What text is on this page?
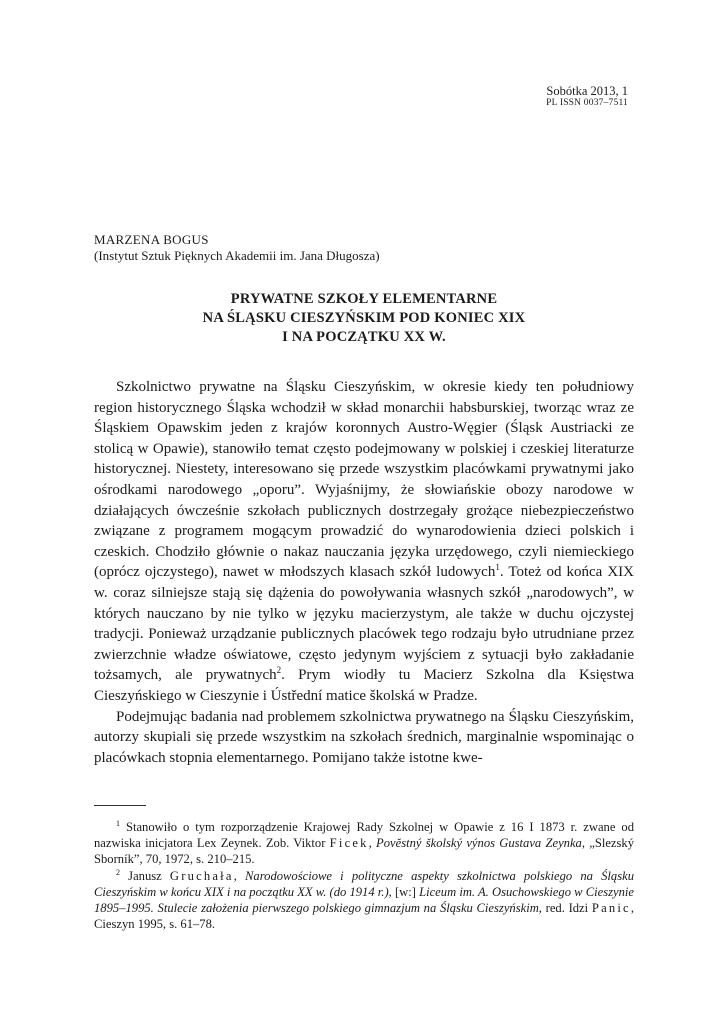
Sobótka 2013, 1
PL ISSN 0037–7511
MARZENA BOGUS
(Instytut Sztuk Pięknych Akademii im. Jana Długosza)
PRYWATNE SZKOŁY ELEMENTARNE
NA ŚLĄSKU CIESZYŃSKIM POD KONIEC XIX
I NA POCZĄTKU XX W.

Szkolnictwo prywatne na Śląsku Cieszyńskim, w okresie kiedy ten południowy region historycznego Śląska wchodził w skład monarchii habsburskiej, tworząc wraz ze Śląskiem Opawskim jeden z krajów koronnych Austro-Węgier (Śląsk Austriacki ze stolicą w Opawie), stanowiło temat często podejmowany w polskiej i czeskiej literaturze historycznej. Niestety, interesowano się przede wszystkim placówkami prywatnymi jako ośrodkami narodowego „oporu”. Wyjaśnijmy, że słowiańskie obozy narodowe w działających ówcześnie szkołach publicznych dostrzegały grożące niebezpieczeństwo związane z programem mogącym prowadzić do wynarodowienia dzieci polskich i czeskich. Chodziło głównie o nakaz nauczania języka urzędowego, czyli niemieckiego (oprócz ojczystego), nawet w młodszych klasach szkół ludowych$^1$. Toteż od końca XIX w. coraz silniejsze stają się dążenia do powoływania własnych szkół „narodowych”, w których nauczano by nie tylko w języku macierzystym, ale także w duchu ojczystej tradycji. Ponieważ urządzanie publicznych placówek tego rodzaju było utrudniane przez zwierzchnie władze oświatowe, często jedynym wyjściem z sytuacji było zakładanie tożsamych, ale prywatnych$^2$. Prym wiodły tu Macierz Szkolna dla Księstwa Cieszyńskiego w Cieszynie i Ústřední matice školská w Pradze.

Podejmując badania nad problemem szkolnictwa prywatnego na Śląsku Cieszyńskim, autorzy skupiali się przede wszystkim na szkołach średnich, marginalnie wspominając o placówkach stopnia elementarnego. Pomijano także istotne kwe-

$^1$ Stanowiło o tym rozporządzenie Krajowej Rady Szkolnej w Opawie z 16 I 1873 r. zwane od nazwiska inicjatora Lex Zeynek. Zob. Viktor Ficek, Povĕstný školský výnos Gustava Zeynka, „Slezský Sborník”, 70, 1972, s. 210–215.

$^2$ Janusz Gruchała, Narodowościowe i polityczne aspekty szkolnictwa polskiego na Śląsku Cieszyńskim w końcu XIX i na początku XX w. (do 1914 r.), [w:] Liceum im. A. Osuchowskiego w Cieszynie 1895–1995. Stulecie założenia pierwszego polskiego gimnazjum na Śląsku Cieszyńskim, red. Idzi Panic, Cieszyn 1995, s. 61–78.
